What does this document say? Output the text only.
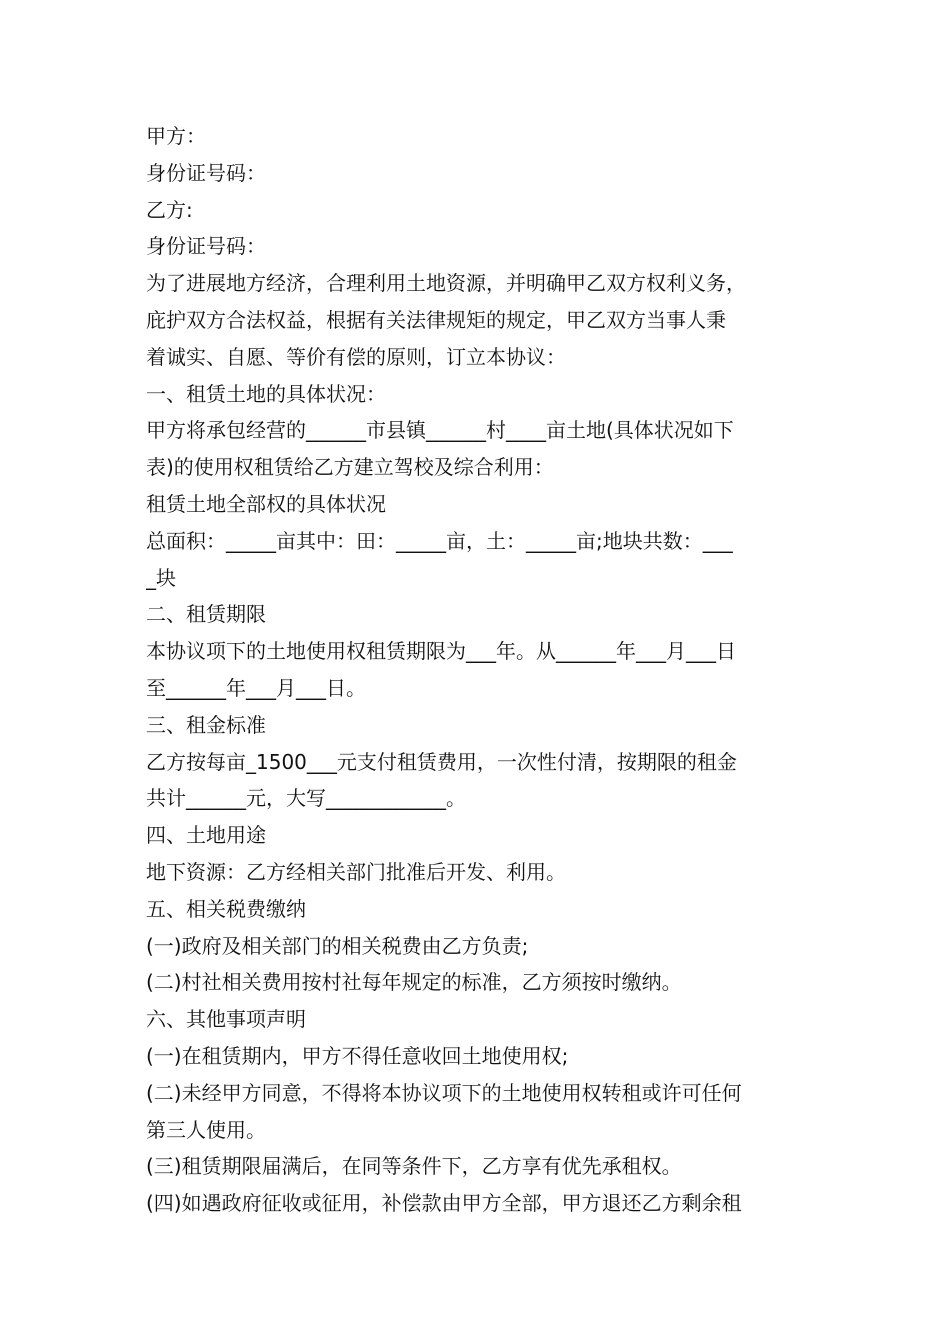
甲方：
身份证号码：
乙方:
身份证号码：
为了进展地方经济，合理利用土地资源，并明确甲乙双方权利义务，
庇护双方合法权益，根据有关法律规矩的规定，甲乙双方当事人秉
着诚实、自愿、等价有偿的原则，订立本协议：
一、租赁土地的具体状况：
甲方将承包经营的______市县镇______村____亩土地(具体状况如下
表)的使用权租赁给乙方建立驾校及综合利用：
租赁土地全部权的具体状况
总面积：_____亩其中：田：_____亩，土：_____亩;地块共数：___
_块
二、租赁期限
本协议项下的土地使用权租赁期限为___年。从______年___月___日
至______年___月___日。
三、租金标准
乙方按每亩_1500___元支付租赁费用，一次性付清，按期限的租金
共计______元，大写____________。
四、土地用途
地下资源：乙方经相关部门批准后开发、利用。
五、相关税费缴纳
(一)政府及相关部门的相关税费由乙方负责;
(二)村社相关费用按村社每年规定的标准，乙方须按时缴纳。
六、其他事项声明
(一)在租赁期内，甲方不得任意收回土地使用权;
(二)未经甲方同意，不得将本协议项下的土地使用权转租或许可任何
第三人使用。
(三)租赁期限届满后，在同等条件下，乙方享有优先承租权。
(四)如遇政府征收或征用，补偿款由甲方全部，甲方退还乙方剩余租
